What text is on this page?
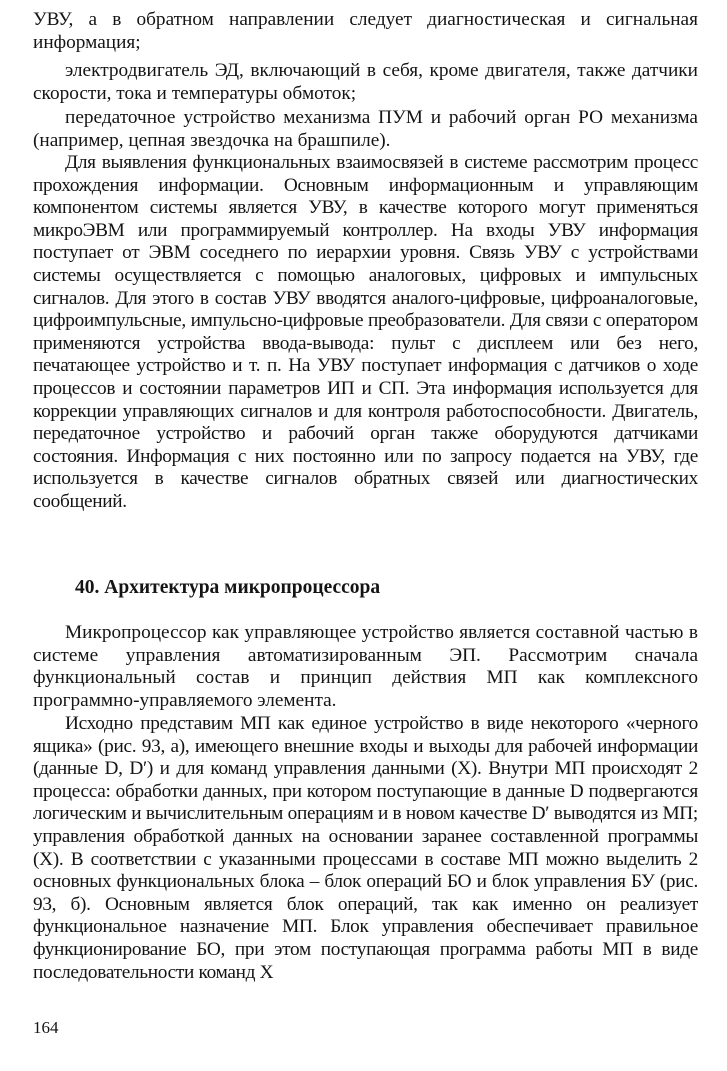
УВУ, а в обратном направлении следует диагностическая и сигнальная информация;

электродвигатель ЭД, включающий в себя, кроме двигателя, также датчики скорости, тока и температуры обмоток;

передаточное устройство механизма ПУМ и рабочий орган РО механизма (например, цепная звездочка на брашпиле).

Для выявления функциональных взаимосвязей в системе рассмотрим процесс прохождения информации. Основным информационным и управляющим компонентом системы является УВУ, в качестве которого могут применяться микроЭВМ или программируемый контроллер. На входы УВУ информация поступает от ЭВМ соседнего по иерархии уровня. Связь УВУ с устройствами системы осуществляется с помощью аналоговых, цифровых и импульсных сигналов. Для этого в состав УВУ вводятся аналого-цифровые, цифроаналоговые, цифроимпульсные, импульсно-цифровые преобразователи. Для связи с оператором применяются устройства ввода-вывода: пульт с дисплеем или без него, печатающее устройство и т. п. На УВУ поступает информация с датчиков о ходе процессов и состоянии параметров ИП и СП. Эта информация используется для коррекции управляющих сигналов и для контроля работоспособности. Двигатель, передаточное устройство и рабочий орган также оборудуются датчиками состояния. Информация с них постоянно или по запросу подается на УВУ, где используется в качестве сигналов обратных связей или диагностических сообщений.

40. Архитектура микропроцессора

Микропроцессор как управляющее устройство является составной частью в системе управления автоматизированным ЭП. Рассмотрим сначала функциональный состав и принцип действия МП как комплексного программно-управляемого элемента.

Исходно представим МП как единое устройство в виде некоторого «черного ящика» (рис. 93, а), имеющего внешние входы и выходы для рабочей информации (данные D, D′) и для команд управления данными (X). Внутри МП происходят 2 процесса: обработки данных, при котором поступающие в данные D подвергаются логическим и вычислительным операциям и в новом качестве D′ выводятся из МП; управления обработкой данных на основании заранее составленной программы (X). В соответствии с указанными процессами в составе МП можно выделить 2 основных функциональных блока – блок операций БО и блок управления БУ (рис. 93, б). Основным является блок операций, так как именно он реализует функциональное назначение МП. Блок управления обеспечивает правильное функционирование БО, при этом поступающая программа работы МП в виде последовательности команд X

164
